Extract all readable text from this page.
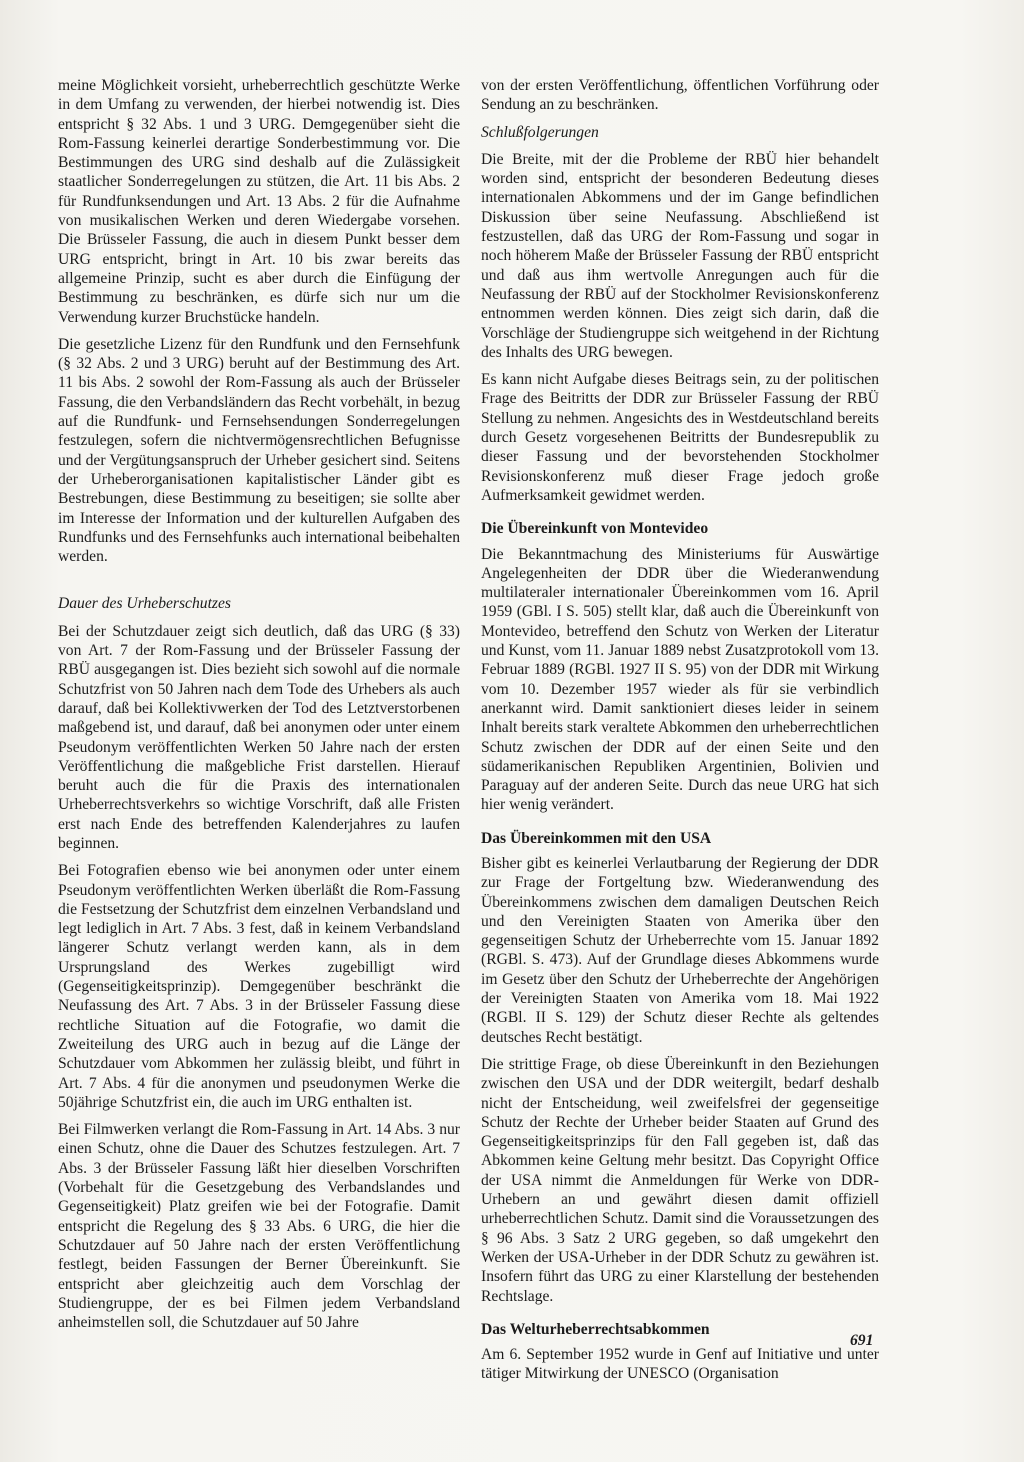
meine Möglichkeit vorsieht, urheberrechtlich geschützte Werke in dem Umfang zu verwenden, der hierbei notwendig ist. Dies entspricht § 32 Abs. 1 und 3 URG. Demgegenüber sieht die Rom-Fassung keinerlei derartige Sonderbestimmung vor. Die Bestimmungen des URG sind deshalb auf die Zulässigkeit staatlicher Sonderregelungen zu stützen, die Art. 11 bis Abs. 2 für Rundfunksendungen und Art. 13 Abs. 2 für die Aufnahme von musikalischen Werken und deren Wiedergabe vorsehen. Die Brüsseler Fassung, die auch in diesem Punkt besser dem URG entspricht, bringt in Art. 10 bis zwar bereits das allgemeine Prinzip, sucht es aber durch die Einfügung der Bestimmung zu beschränken, es dürfe sich nur um die Verwendung kurzer Bruchstücke handeln.

Die gesetzliche Lizenz für den Rundfunk und den Fernsehfunk (§ 32 Abs. 2 und 3 URG) beruht auf der Bestimmung des Art. 11 bis Abs. 2 sowohl der Rom-Fassung als auch der Brüsseler Fassung, die den Verbandsländern das Recht vorbehält, in bezug auf die Rundfunk- und Fernsehsendungen Sonderregelungen festzulegen, sofern die nichtvermögensrechtlichen Befugnisse und der Vergütungsanspruch der Urheber gesichert sind. Seitens der Urheberorganisationen kapitalistischer Länder gibt es Bestrebungen, diese Bestimmung zu beseitigen; sie sollte aber im Interesse der Information und der kulturellen Aufgaben des Rundfunks und des Fernsehfunks auch international beibehalten werden.

Dauer des Urheberschutzes

Bei der Schutzdauer zeigt sich deutlich, daß das URG (§ 33) von Art. 7 der Rom-Fassung und der Brüsseler Fassung der RBÜ ausgegangen ist. Dies bezieht sich sowohl auf die normale Schutzfrist von 50 Jahren nach dem Tode des Urhebers als auch darauf, daß bei Kollektivwerken der Tod des Letztverstorbenen maßgebend ist, und darauf, daß bei anonymen oder unter einem Pseudonym veröffentlichten Werken 50 Jahre nach der ersten Veröffentlichung die maßgebliche Frist darstellen. Hierauf beruht auch die für die Praxis des internationalen Urheberrechtsverkehrs so wichtige Vorschrift, daß alle Fristen erst nach Ende des betreffenden Kalenderjahres zu laufen beginnen.

Bei Fotografien ebenso wie bei anonymen oder unter einem Pseudonym veröffentlichten Werken überläßt die Rom-Fassung die Festsetzung der Schutzfrist dem einzelnen Verbandsland und legt lediglich in Art. 7 Abs. 3 fest, daß in keinem Verbandsland längerer Schutz verlangt werden kann, als in dem Ursprungsland des Werkes zugebilligt wird (Gegenseitigkeitsprinzip). Demgegenüber beschränkt die Neufassung des Art. 7 Abs. 3 in der Brüsseler Fassung diese rechtliche Situation auf die Fotografie, wo damit die Zweiteilung des URG auch in bezug auf die Länge der Schutzdauer vom Abkommen her zulässig bleibt, und führt in Art. 7 Abs. 4 für die anonymen und pseudonymen Werke die 50jährige Schutzfrist ein, die auch im URG enthalten ist.

Bei Filmwerken verlangt die Rom-Fassung in Art. 14 Abs. 3 nur einen Schutz, ohne die Dauer des Schutzes festzulegen. Art. 7 Abs. 3 der Brüsseler Fassung läßt hier dieselben Vorschriften (Vorbehalt für die Gesetzgebung des Verbandslandes und Gegenseitigkeit) Platz greifen wie bei der Fotografie. Damit entspricht die Regelung des § 33 Abs. 6 URG, die hier die Schutzdauer auf 50 Jahre nach der ersten Veröffentlichung festlegt, beiden Fassungen der Berner Übereinkunft. Sie entspricht aber gleichzeitig auch dem Vorschlag der Studiengruppe, der es bei Filmen jedem Verbandsland anheimstellen soll, die Schutzdauer auf 50 Jahre

von der ersten Veröffentlichung, öffentlichen Vorführung oder Sendung an zu beschränken.

Schlußfolgerungen

Die Breite, mit der die Probleme der RBÜ hier behandelt worden sind, entspricht der besonderen Bedeutung dieses internationalen Abkommens und der im Gange befindlichen Diskussion über seine Neufassung. Abschließend ist festzustellen, daß das URG der Rom-Fassung und sogar in noch höherem Maße der Brüsseler Fassung der RBÜ entspricht und daß aus ihm wertvolle Anregungen auch für die Neufassung der RBÜ auf der Stockholmer Revisionskonferenz entnommen werden können. Dies zeigt sich darin, daß die Vorschläge der Studiengruppe sich weitgehend in der Richtung des Inhalts des URG bewegen.

Es kann nicht Aufgabe dieses Beitrags sein, zu der politischen Frage des Beitritts der DDR zur Brüsseler Fassung der RBÜ Stellung zu nehmen. Angesichts des in Westdeutschland bereits durch Gesetz vorgesehenen Beitritts der Bundesrepublik zu dieser Fassung und der bevorstehenden Stockholmer Revisionskonferenz muß dieser Frage jedoch große Aufmerksamkeit gewidmet werden.

Die Übereinkunft von Montevideo

Die Bekanntmachung des Ministeriums für Auswärtige Angelegenheiten der DDR über die Wiederanwendung multilateraler internationaler Übereinkommen vom 16. April 1959 (GBl. I S. 505) stellt klar, daß auch die Übereinkunft von Montevideo, betreffend den Schutz von Werken der Literatur und Kunst, vom 11. Januar 1889 nebst Zusatzprotokoll vom 13. Februar 1889 (RGBl. 1927 II S. 95) von der DDR mit Wirkung vom 10. Dezember 1957 wieder als für sie verbindlich anerkannt wird. Damit sanktioniert dieses leider in seinem Inhalt bereits stark veraltete Abkommen den urheberrechtlichen Schutz zwischen der DDR auf der einen Seite und den südamerikanischen Republiken Argentinien, Bolivien und Paraguay auf der anderen Seite. Durch das neue URG hat sich hier wenig verändert.

Das Übereinkommen mit den USA

Bisher gibt es keinerlei Verlautbarung der Regierung der DDR zur Frage der Fortgeltung bzw. Wiederanwendung des Übereinkommens zwischen dem damaligen Deutschen Reich und den Vereinigten Staaten von Amerika über den gegenseitigen Schutz der Urheberrechte vom 15. Januar 1892 (RGBl. S. 473). Auf der Grundlage dieses Abkommens wurde im Gesetz über den Schutz der Urheberrechte der Angehörigen der Vereinigten Staaten von Amerika vom 18. Mai 1922 (RGBl. II S. 129) der Schutz dieser Rechte als geltendes deutsches Recht bestätigt.

Die strittige Frage, ob diese Übereinkunft in den Beziehungen zwischen den USA und der DDR weitergilt, bedarf deshalb nicht der Entscheidung, weil zweifelsfrei der gegenseitige Schutz der Rechte der Urheber beider Staaten auf Grund des Gegenseitigkeitsprinzips für den Fall gegeben ist, daß das Abkommen keine Geltung mehr besitzt. Das Copyright Office der USA nimmt die Anmeldungen für Werke von DDR-Urhebern an und gewährt diesen damit offiziell urheberrechtlichen Schutz. Damit sind die Voraussetzungen des § 96 Abs. 3 Satz 2 URG gegeben, so daß umgekehrt den Werken der USA-Urheber in der DDR Schutz zu gewähren ist. Insofern führt das URG zu einer Klarstellung der bestehenden Rechtslage.

Das Welturheberrechtsabkommen

Am 6. September 1952 wurde in Genf auf Initiative und unter tätiger Mitwirkung der UNESCO (Organisation

691
